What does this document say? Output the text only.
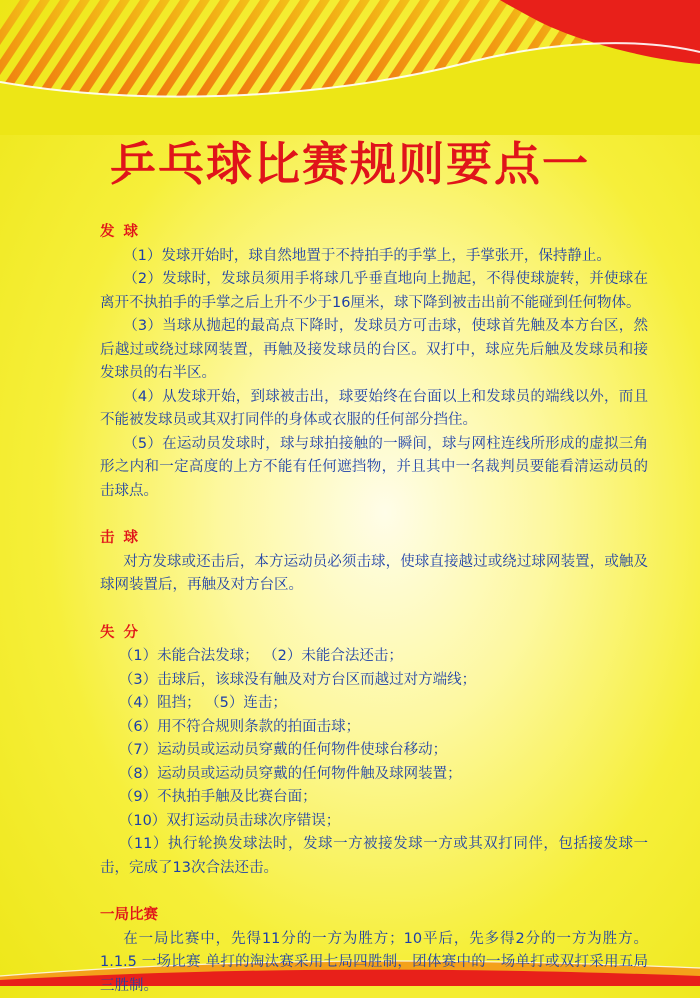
乒乓球比赛规则要点一
发 球

（1）发球开始时，球自然地置于不持拍手的手掌上，手掌张开，保持静止。

（2）发球时，发球员须用手将球几乎垂直地向上抛起，不得使球旋转，并使球在离开不执拍手的手掌之后上升不少于16厘米，球下降到被击出前不能碰到任何物体。

（3）当球从抛起的最高点下降时，发球员方可击球，使球首先触及本方台区，然后越过或绕过球网装置，再触及接发球员的台区。双打中，球应先后触及发球员和接发球员的右半区。

（4）从发球开始，到球被击出，球要始终在台面以上和发球员的端线以外，而且不能被发球员或其双打同伴的身体或衣服的任何部分挡住。

（5）在运动员发球时，球与球拍接触的一瞬间，球与网柱连线所形成的虚拟三角形之内和一定高度的上方不能有任何遮挡物，并且其中一名裁判员要能看清运动员的击球点。

击 球

对方发球或还击后，本方运动员必须击球，使球直接越过或绕过球网装置，或触及球网装置后，再触及对方台区。

失 分

（1）未能合法发球； （2）未能合法还击；

（3）击球后，该球没有触及对方台区而越过对方端线；

（4）阻挡； （5）连击；

（6）用不符合规则条款的拍面击球；

（7）运动员或运动员穿戴的任何物件使球台移动；

（8）运动员或运动员穿戴的任何物件触及球网装置；

（9）不执拍手触及比赛台面；

（10）双打运动员击球次序错误；

（11）执行轮换发球法时，发球一方被接发球一方或其双打同伴，包括接发球一击，完成了13次合法还击。

一局比赛

在一局比赛中，先得11分的一方为胜方；10平后，先多得2分的一方为胜方。 1.1.5 一场比赛 单打的淘汰赛采用七局四胜制，团体赛中的一场单打或双打采用五局三胜制。
